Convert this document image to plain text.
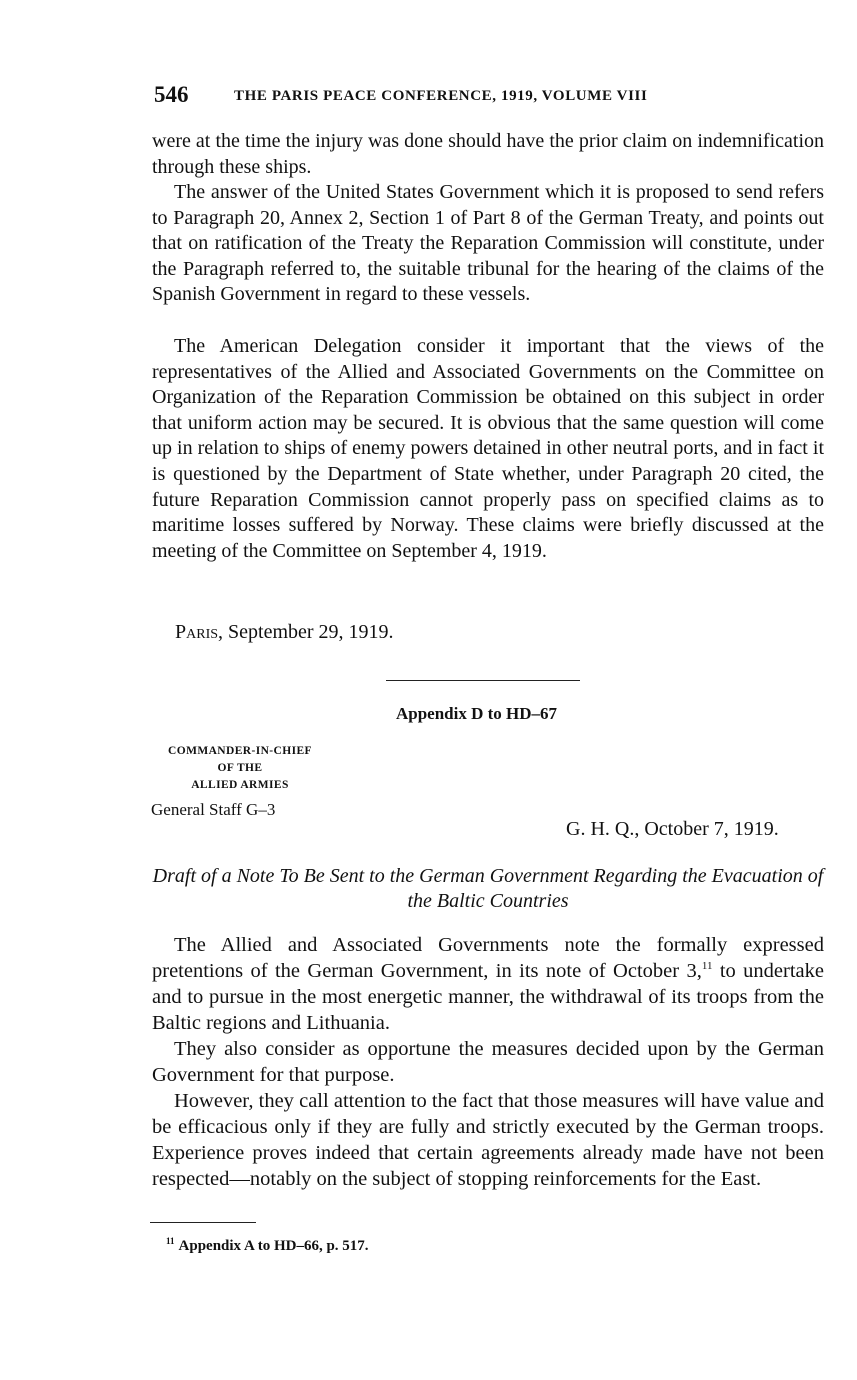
546	THE PARIS PEACE CONFERENCE, 1919, VOLUME VIII

were at the time the injury was done should have the prior claim on indemnification through these ships.

The answer of the United States Government which it is proposed to send refers to Paragraph 20, Annex 2, Section 1 of Part 8 of the German Treaty, and points out that on ratification of the Treaty the Reparation Commission will constitute, under the Paragraph referred to, the suitable tribunal for the hearing of the claims of the Spanish Government in regard to these vessels.

The American Delegation consider it important that the views of the representatives of the Allied and Associated Governments on the Committee on Organization of the Reparation Commission be obtained on this subject in order that uniform action may be secured. It is obvious that the same question will come up in relation to ships of enemy powers detained in other neutral ports, and in fact it is questioned by the Department of State whether, under Paragraph 20 cited, the future Reparation Commission cannot properly pass on specified claims as to maritime losses suffered by Norway. These claims were briefly discussed at the meeting of the Committee on September 4, 1919.

Paris, September 29, 1919.
Appendix D to HD–67
COMMANDER-IN-CHIEF
OF THE
ALLIED ARMIES
General Staff G–3
G. H. Q., October 7, 1919.
Draft of a Note To Be Sent to the German Government Regarding the Evacuation of the Baltic Countries

The Allied and Associated Governments note the formally expressed pretentions of the German Government, in its note of October 3,11 to undertake and to pursue in the most energetic manner, the withdrawal of its troops from the Baltic regions and Lithuania.

They also consider as opportune the measures decided upon by the German Government for that purpose.

However, they call attention to the fact that those measures will have value and be efficacious only if they are fully and strictly executed by the German troops. Experience proves indeed that certain agreements already made have not been respected—notably on the subject of stopping reinforcements for the East.

$^{11}$ Appendix A to HD–66, p. 517.
